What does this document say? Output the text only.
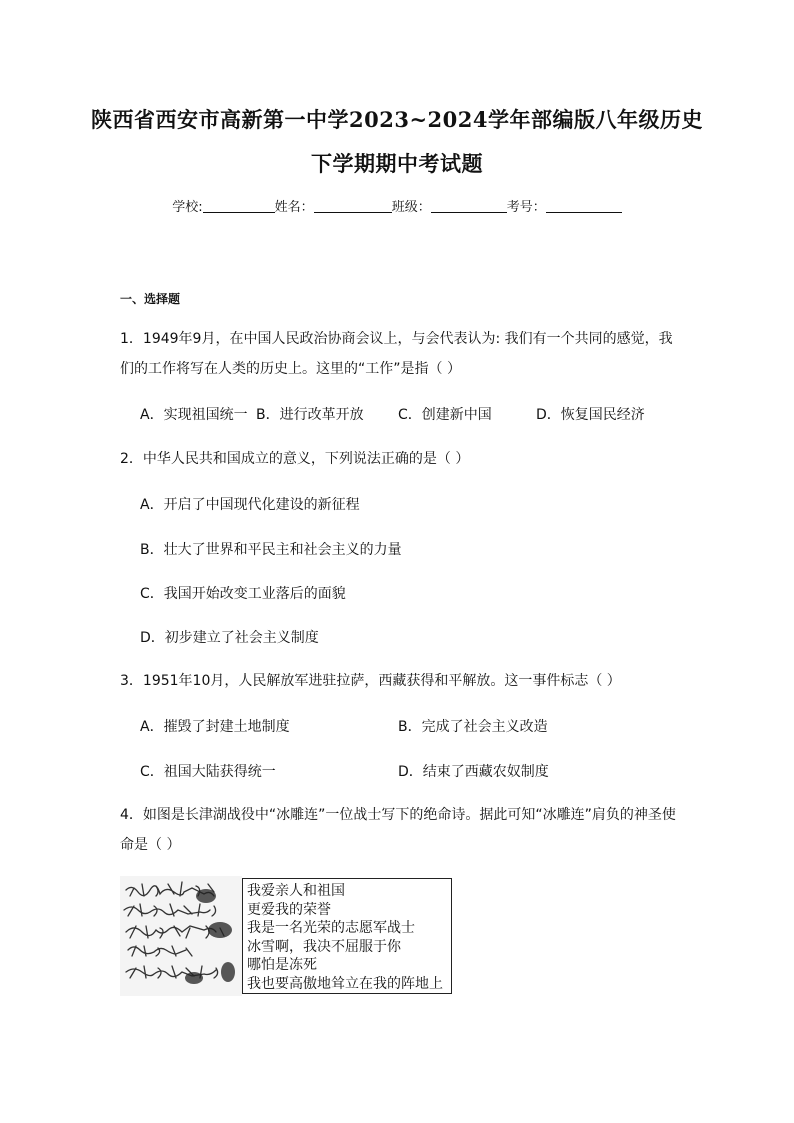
陕西省西安市高新第一中学2023~2024学年部编版八年级历史
下学期期中考试题
学校:	姓名：	班级：	考号：
一、选择题
1．1949年9月，在中国人民政治协商会议上，与会代表认为: 我们有一个共同的感觉，我
们的工作将写在人类的历史上。这里的“工作”是指（ ）
A．实现祖国统一 B．进行改革开放 C．创建新中国	D．恢复国民经济
2．中华人民共和国成立的意义，下列说法正确的是（ ）
A．开启了中国现代化建设的新征程
B．壮大了世界和平民主和社会主义的力量
C．我国开始改变工业落后的面貌
D．初步建立了社会主义制度
3．1951年10月，人民解放军进驻拉萨，西藏获得和平解放。这一事件标志（ ）
A．摧毁了封建土地制度	B．完成了社会主义改造
C．祖国大陆获得统一	D．结束了西藏农奴制度
4．如图是长津湖战役中“冰雕连”一位战士写下的绝命诗。据此可知“冰雕连”肩负的神圣使
命是（ ）
我爱亲人和祖国
更爱我的荣誉
我是一名光荣的志愿军战士
冰雪啊，我决不屈服于你
哪怕是冻死
我也要高傲地耸立在我的阵地上
